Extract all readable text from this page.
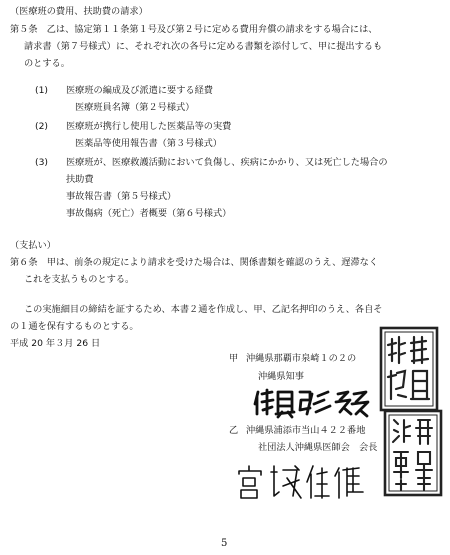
（医療班の費用、扶助費の請求）
第５条　乙は、協定第１１条第１号及び第２号に定める費用弁償の請求をする場合には、
請求書（第７号様式）に、それぞれ次の各号に定める書類を添付して、甲に提出するも
のとする。
(1) 医療班の編成及び派遣に要する経費
医療班員名簿（第２号様式）
(2) 医療班が携行し使用した医薬品等の実費
医薬品等使用報告書（第３号様式）
(3) 医療班が、医療救護活動において負傷し、疾病にかかり、又は死亡した場合の
扶助費
事故報告書（第５号様式）
事故傷病（死亡）者概要（第６号様式）
（支払い）
第６条　甲は、前条の規定により請求を受けた場合は、関係書類を確認のうえ、遅滞なく
これを支払うものとする。
この実施細目の締結を証するため、本書２通を作成し、甲、乙記名押印のうえ、各自そ
の１通を保有するものとする。
平成 20 年３月 26 日
甲 沖縄県那覇市泉崎１の２の
沖縄県知事
乙 沖縄県浦添市当山４２２番地
社団法人沖縄県医師会　会長
5
